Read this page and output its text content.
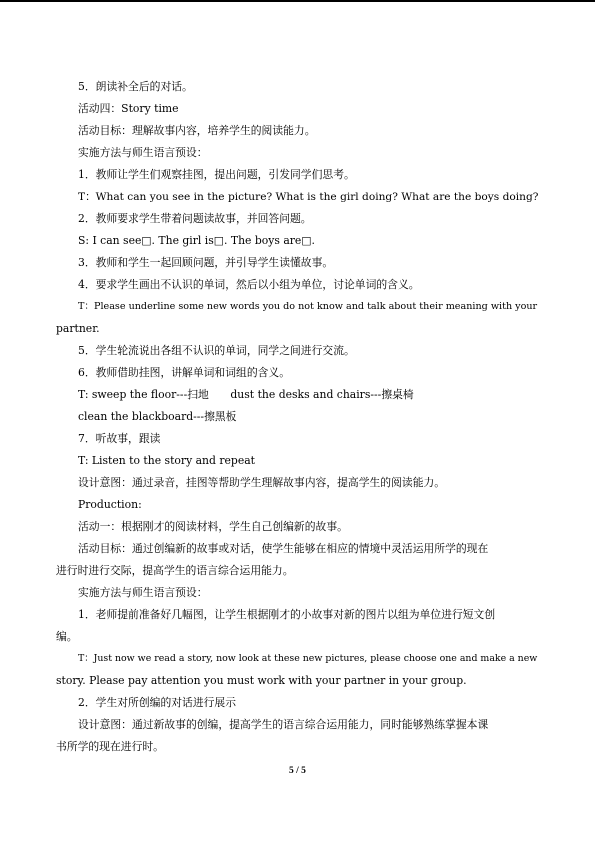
5．朗读补全后的对话。
活动四：Story time
活动目标：理解故事内容，培养学生的阅读能力。
实施方法与师生语言预设：
1．教师让学生们观察挂图，提出问题，引发同学们思考。
T：What can you see in the picture? What is the girl doing? What are the boys doing?
2．教师要求学生带着问题读故事，并回答问题。
S: I can see□. The girl is□. The boys are□.
3．教师和学生一起回顾问题，并引导学生读懂故事。
4．要求学生画出不认识的单词，然后以小组为单位，讨论单词的含义。
T：Please underline some new words you do not know and talk about their meaning with your
partner.
5．学生轮流说出各组不认识的单词，同学之间进行交流。
6．教师借助挂图，讲解单词和词组的含义。
T: sweep the floor---扫地　　dust the desks and chairs---擦桌椅
clean the blackboard---擦黑板
7．听故事，跟读
T: Listen to the story and repeat
设计意图：通过录音，挂图等帮助学生理解故事内容，提高学生的阅读能力。
Production:
活动一：根据刚才的阅读材料，学生自己创编新的故事。
活动目标：通过创编新的故事或对话，使学生能够在相应的情境中灵活运用所学的现在
进行时进行交际，提高学生的语言综合运用能力。
实施方法与师生语言预设：
1．老师提前准备好几幅图，让学生根据刚才的小故事对新的图片以组为单位进行短文创
编。
T：Just now we read a story, now look at these new pictures, please choose one and make a new
story. Please pay attention you must work with your partner in your group.
2．学生对所创编的对话进行展示
设计意图：通过新故事的创编，提高学生的语言综合运用能力，同时能够熟练掌握本课
书所学的现在进行时。
5 / 5
